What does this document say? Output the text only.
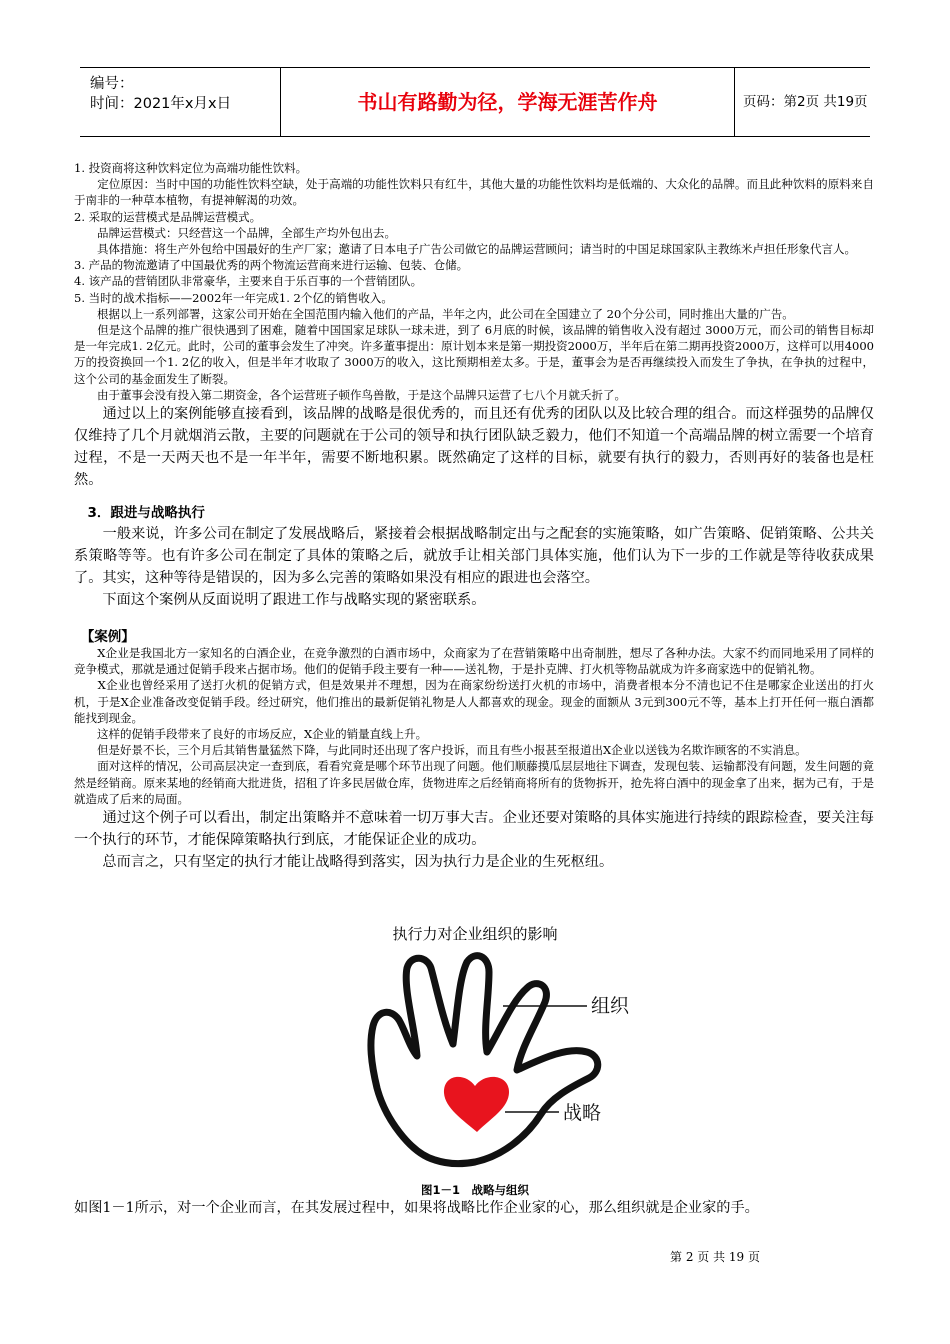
编号：
时间：2021年x月x日	书山有路勤为径，学海无涯苦作舟	页码：第2页 共19页

1. 投资商将这种饮料定位为高端功能性饮料。

　　定位原因：当时中国的功能性饮料空缺，处于高端的功能性饮料只有红牛，其他大量的功能性饮料均是低端的、大众化的品牌。而且此种饮料的原料来自于南非的一种草本植物，有提神解渴的功效。

2. 采取的运营模式是品牌运营模式。

　　品牌运营模式：只经营这一个品牌，全部生产均外包出去。

　　具体措施：将生产外包给中国最好的生产厂家；邀请了日本电子广告公司做它的品牌运营顾问；请当时的中国足球国家队主教练米卢担任形象代言人。

3. 产品的物流邀请了中国最优秀的两个物流运营商来进行运输、包装、仓储。

4. 该产品的营销团队非常豪华，主要来自于乐百事的一个营销团队。

5. 当时的战术指标——2002年一年完成1. 2个亿的销售收入。

　　根据以上一系列部署，这家公司开始在全国范围内输入他们的产品，半年之内，此公司在全国建立了 20个分公司，同时推出大量的广告。

　　但是这个品牌的推广很快遇到了困难，随着中国国家足球队一球未进，到了 6月底的时候，该品牌的销售收入没有超过 3000万元，而公司的销售目标却是一年完成1. 2亿元。此时，公司的董事会发生了冲突。许多董事提出：原计划本来是第一期投资2000万，半年后在第二期再投资2000万，这样可以用4000万的投资换回一个1. 2亿的收入，但是半年才收取了 3000万的收入，这比预期相差太多。于是，董事会为是否再继续投入而发生了争执，在争执的过程中，这个公司的基金面发生了断裂。

　　由于董事会没有投入第二期资金，各个运营班子顿作鸟兽散，于是这个品牌只运营了七八个月就夭折了。

　　通过以上的案例能够直接看到，该品牌的战略是很优秀的，而且还有优秀的团队以及比较合理的组合。而这样强势的品牌仅仅维持了几个月就烟消云散，主要的问题就在于公司的领导和执行团队缺乏毅力，他们不知道一个高端品牌的树立需要一个培育过程，不是一天两天也不是一年半年，需要不断地积累。既然确定了这样的目标，就要有执行的毅力，否则再好的装备也是枉然。

　3．跟进与战略执行

　　一般来说，许多公司在制定了发展战略后，紧接着会根据战略制定出与之配套的实施策略，如广告策略、促销策略、公共关系策略等等。也有许多公司在制定了具体的策略之后，就放手让相关部门具体实施，他们认为下一步的工作就是等待收获成果了。其实，这种等待是错误的，因为多么完善的策略如果没有相应的跟进也会落空。

　　下面这个案例从反面说明了跟进工作与战略实现的紧密联系。

　【案例】

　　X企业是我国北方一家知名的白酒企业，在竞争激烈的白酒市场中，众商家为了在营销策略中出奇制胜，想尽了各种办法。大家不约而同地采用了同样的竞争模式，那就是通过促销手段来占据市场。他们的促销手段主要有一种——送礼物，于是扑克牌、打火机等物品就成为许多商家选中的促销礼物。

　　X企业也曾经采用了送打火机的促销方式，但是效果并不理想，因为在商家纷纷送打火机的市场中，消费者根本分不清也记不住是哪家企业送出的打火机，于是X企业准备改变促销手段。经过研究，他们推出的最新促销礼物是人人都喜欢的现金。现金的面额从 3元到300元不等，基本上打开任何一瓶白酒都能找到现金。

　　这样的促销手段带来了良好的市场反应，X企业的销量直线上升。

　　但是好景不长，三个月后其销售量猛然下降，与此同时还出现了客户投诉，而且有些小报甚至报道出X企业以送钱为名欺诈顾客的不实消息。

　　面对这样的情况，公司高层决定一查到底，看看究竟是哪个环节出现了问题。他们顺藤摸瓜层层地往下调查，发现包装、运输都没有问题，发生问题的竟然是经销商。原来某地的经销商大批进货，招租了许多民居做仓库，货物进库之后经销商将所有的货物拆开，抢先将白酒中的现金拿了出来，据为己有，于是就造成了后来的局面。

　　通过这个例子可以看出，制定出策略并不意味着一切万事大吉。企业还要对策略的具体实施进行持续的跟踪检查，要关注每一个执行的环节，才能保障策略执行到底，才能保证企业的成功。

　　总而言之，只有坚定的执行才能让战略得到落实，因为执行力是企业的生死枢纽。

执行力对企业组织的影响
组织
战略
图1－1　战略与组织
如图1－1所示，对一个企业而言，在其发展过程中，如果将战略比作企业家的心，那么组织就是企业家的手。
第 2 页 共 19 页
